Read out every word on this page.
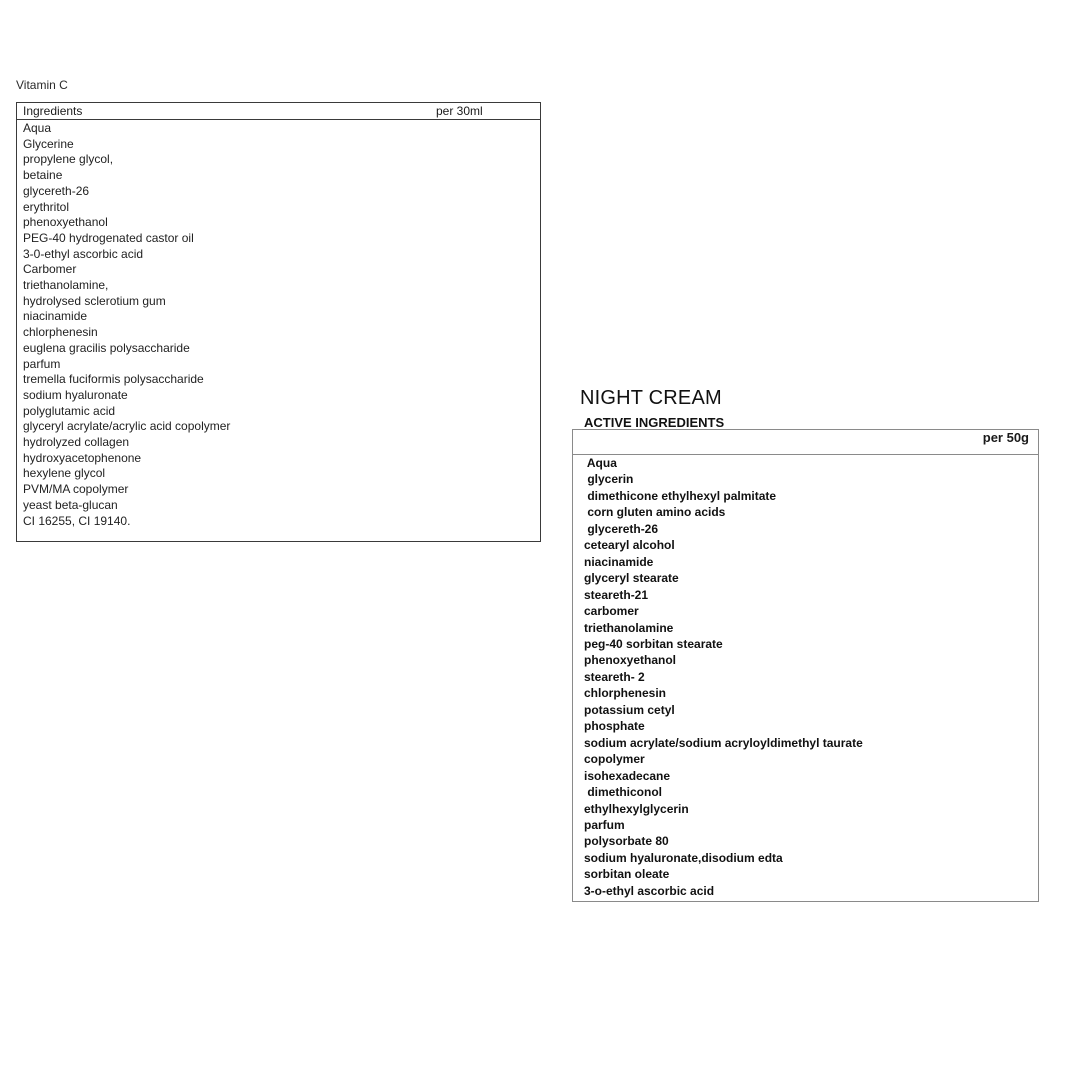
Vitamin C
Ingredients	per 30ml
Aqua
Glycerine
propylene glycol,
betaine
glycereth-26
erythritol
phenoxyethanol
PEG-40 hydrogenated castor oil
3-0-ethyl ascorbic acid
Carbomer
triethanolamine,
hydrolysed sclerotium gum
niacinamide
chlorphenesin
euglena gracilis polysaccharide
parfum
tremella fuciformis polysaccharide
sodium hyaluronate
polyglutamic acid
glyceryl acrylate/acrylic acid copolymer
hydrolyzed collagen
hydroxyacetophenone
hexylene glycol
PVM/MA copolymer
yeast beta-glucan
CI 16255, CI 19140.
NIGHT CREAM
ACTIVE INGREDIENTS
per 50g
Aqua
glycerin
dimethicone ethylhexyl palmitate
corn gluten amino acids
glycereth-26
cetearyl alcohol
niacinamide
glyceryl stearate
steareth-21
carbomer
triethanolamine
peg-40 sorbitan stearate
phenoxyethanol
steareth- 2
chlorphenesin
potassium cetyl
phosphate
sodium acrylate/sodium acryloyldimethyl taurate
copolymer
isohexadecane
dimethiconol
ethylhexylglycerin
parfum
polysorbate 80
sodium hyaluronate,disodium edta
sorbitan oleate
3-o-ethyl ascorbic acid
